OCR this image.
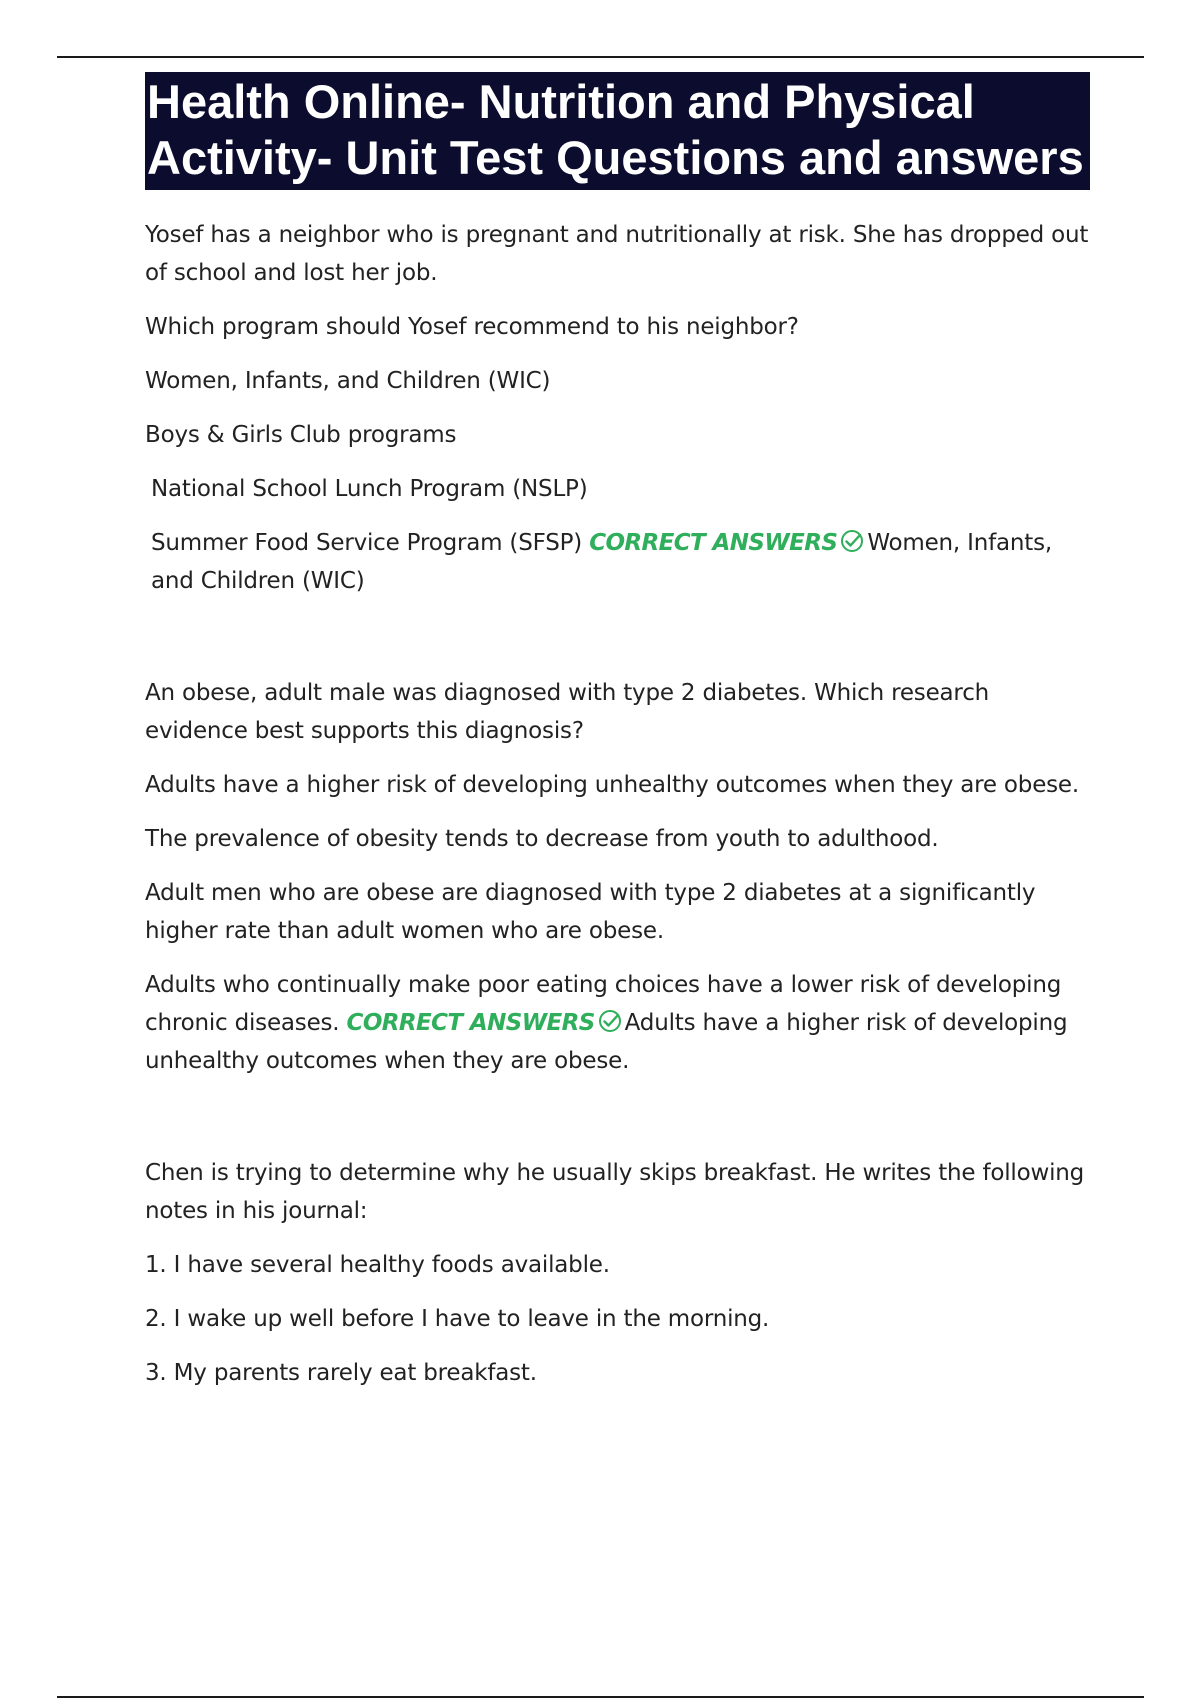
Health Online- Nutrition and Physical Activity- Unit Test Questions and answers

Yosef has a neighbor who is pregnant and nutritionally at risk. She has dropped out of school and lost her job.

Which program should Yosef recommend to his neighbor?

Women, Infants, and Children (WIC)

Boys & Girls Club programs

National School Lunch Program (NSLP)

Summer Food Service Program (SFSP) CORRECT ANSWERS Women, Infants, and Children (WIC)

An obese, adult male was diagnosed with type 2 diabetes. Which research evidence best supports this diagnosis?

Adults have a higher risk of developing unhealthy outcomes when they are obese.

The prevalence of obesity tends to decrease from youth to adulthood.

Adult men who are obese are diagnosed with type 2 diabetes at a significantly higher rate than adult women who are obese.

Adults who continually make poor eating choices have a lower risk of developing chronic diseases. CORRECT ANSWERS Adults have a higher risk of developing unhealthy outcomes when they are obese.

Chen is trying to determine why he usually skips breakfast. He writes the following notes in his journal:

1. I have several healthy foods available.

2. I wake up well before I have to leave in the morning.

3. My parents rarely eat breakfast.
